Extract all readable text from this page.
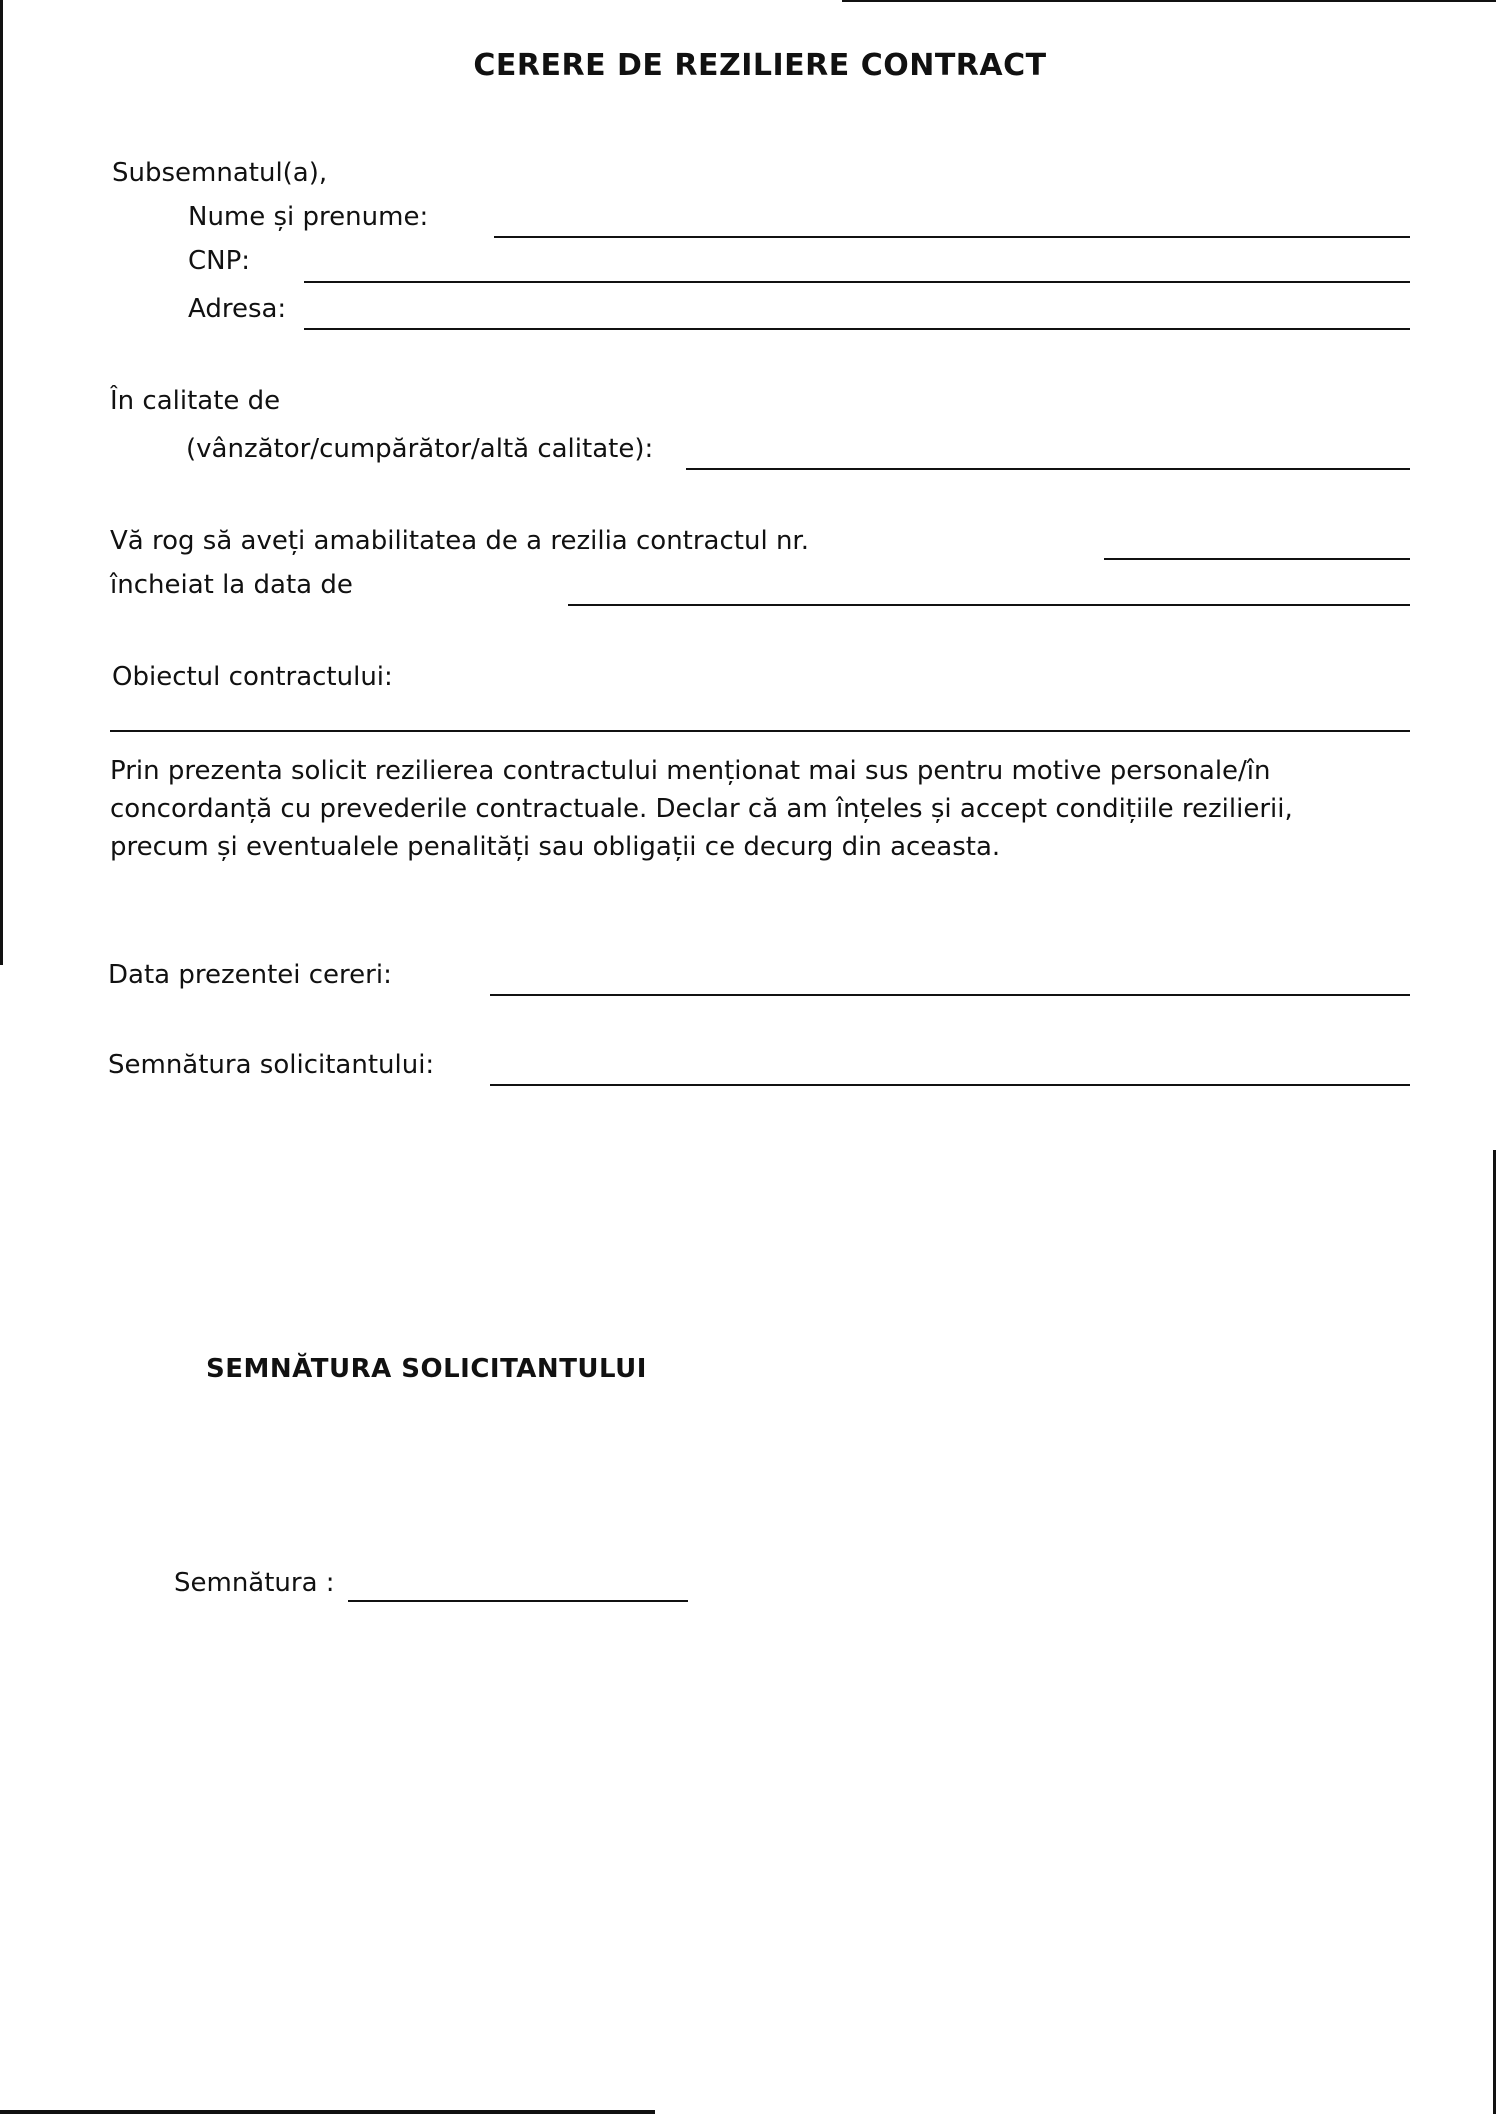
CERERE DE REZILIERE CONTRACT

Subsemnatul(a),

Nume și prenume:

CNP:

Adresa:

În calitate de

(vânzător/cumpărător/altă calitate):

Vă rog să aveți amabilitatea de a rezilia contractul nr.

încheiat la data de

Obiectul contractului:

Prin prezenta solicit rezilierea contractului menționat mai sus pentru motive personale/în
concordanță cu prevederile contractuale. Declar că am înțeles și accept condițiile rezilierii,
precum și eventualele penalități sau obligații ce decurg din aceasta.

Data prezentei cereri:

Semnătura solicitantului:

SEMNĂTURA SOLICITANTULUI

Semnătura :
